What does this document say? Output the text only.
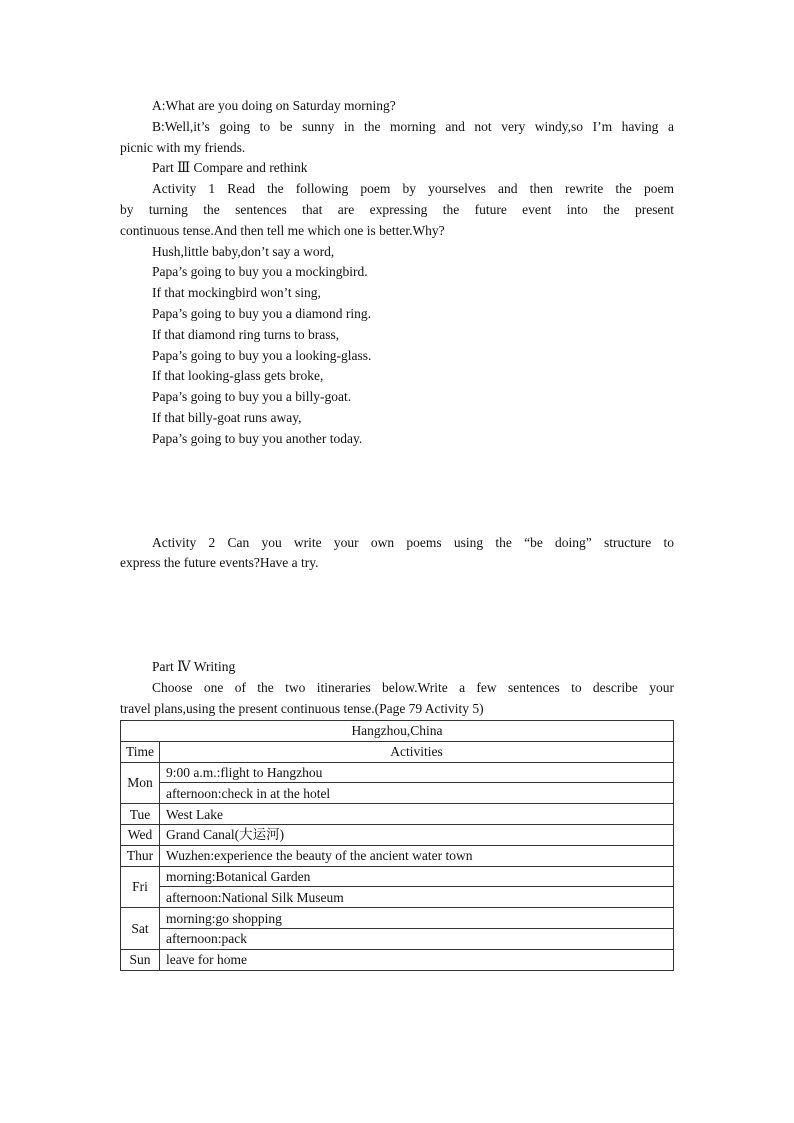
A:What are you doing on Saturday morning?
B:Well,it’s going to be sunny in the morning and not very windy,so I’m having a
picnic with my friends.
Part Ⅲ Compare and rethink
Activity 1 Read the following poem by yourselves and then rewrite the poem
by turning the sentences that are expressing the future event into the present
continuous tense.And then tell me which one is better.Why?
Hush,little baby,don’t say a word,
Papa’s going to buy you a mockingbird.
If that mockingbird won’t sing,
Papa’s going to buy you a diamond ring.
If that diamond ring turns to brass,
Papa’s going to buy you a looking-glass.
If that looking-glass gets broke,
Papa’s going to buy you a billy-goat.
If that billy-goat runs away,
Papa’s going to buy you another today.
Activity 2 Can you write your own poems using the “be doing” structure to
express the future events?Have a try.
Part Ⅳ Writing
Choose one of the two itineraries below.Write a few sentences to describe your
travel plans,using the present continuous tense.(Page 79 Activity 5)
Hangzhou,China	
Time	Activities
Mon	9:00 a.m.:flight to Hangzhou
	afternoon:check in at the hotel
Tue	West Lake
Wed	Grand Canal(大运河)
Thur	Wuzhen:experience the beauty of the ancient water town
Fri	morning:Botanical Garden
	afternoon:National Silk Museum
Sat	morning:go shopping
	afternoon:pack
Sun	leave for home
